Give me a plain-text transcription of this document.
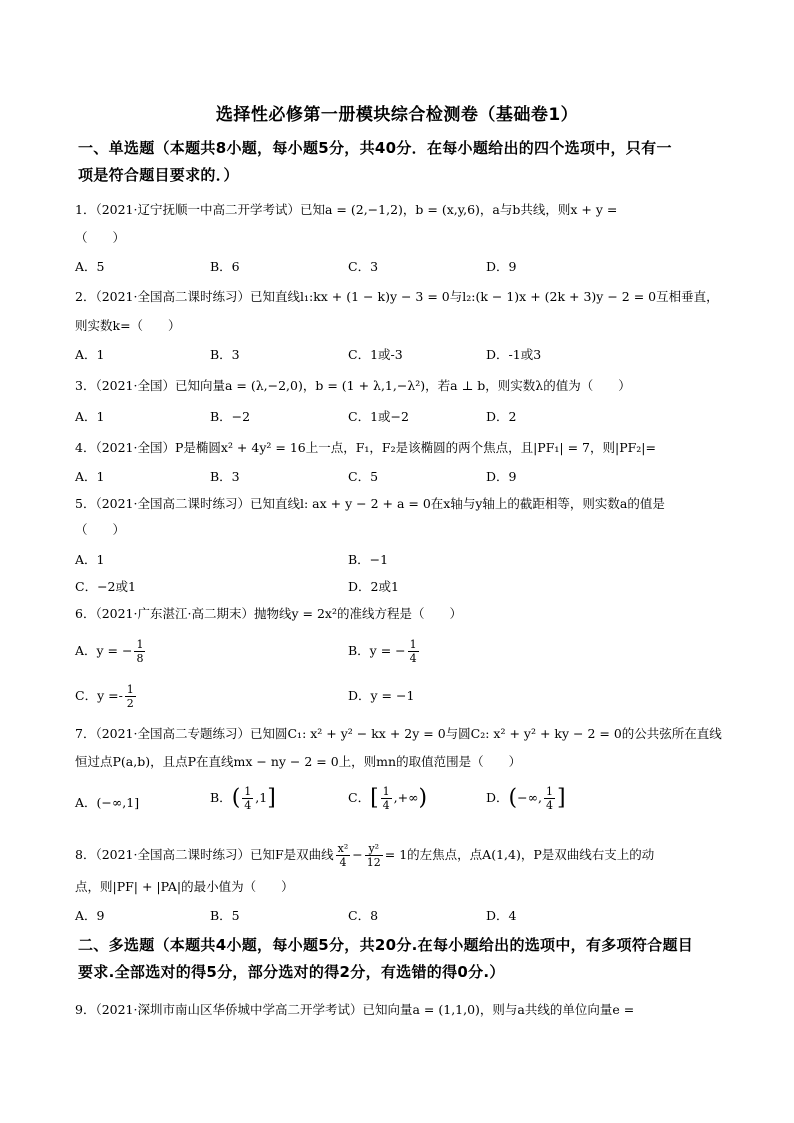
选择性必修第一册模块综合检测卷（基础卷1）
一、单选题（本题共8小题，每小题5分，共40分．在每小题给出的四个选项中，只有一
项是符合题目要求的．）
1．（2021·辽宁抚顺一中高二开学考试）已知a = (2,−1,2)，b = (x,y,6)，a与b共线，则x + y =
（　　）
A．5	B．6	C．3	D．9
2．（2021·全国高二课时练习）已知直线l₁:kx + (1 − k)y − 3 = 0与l₂:(k − 1)x + (2k + 3)y − 2 = 0互相垂直，
则实数k=（　　）
A．1	B．3	C．1或-3	D．-1或3
3．（2021·全国）已知向量a = (λ,−2,0)，b = (1 + λ,1,−λ²)，若a ⊥ b，则实数λ的值为（　　）
A．1	B．−2	C．1或−2	D．2
4．（2021·全国）P是椭圆x² + 4y² = 16上一点，F₁，F₂是该椭圆的两个焦点，且|PF₁| = 7，则|PF₂|=
A．1	B．3	C．5	D．9
5．（2021·全国高二课时练习）已知直线l: ax + y − 2 + a = 0在x轴与y轴上的截距相等，则实数a的值是
（　　）
A．1	B．−1
C．−2或1	D．2或1
6．（2021·广东湛江·高二期末）抛物线y = 2x²的准线方程是（　　）
A．y = − $\frac{1}{8}$	B．y = − $\frac{1}{4}$
C．$y =- \frac{1}{2}$	D．y = −1
7．（2021·全国高二专题练习）已知圆C₁: x² + y² − kx + 2y = 0与圆C₂: x² + y² + ky − 2 = 0的公共弦所在直线
恒过点P(a,b)，且点P在直线mx − ny − 2 = 0上，则mn的取值范围是（　　）
A．(−∞,1]	B．( $\frac{1}{4} ,1$]	C．[ $\frac{1}{4}$ ,+∞)	D．(−∞, $\frac{1}{4}$ ]
8．（2021·全国高二课时练习）已知F是双曲线 $\frac{\text{x²}}{4} - \frac{\text{y²}}{12} = 1$的左焦点，点A(1,4)，P是双曲线右支上的动
点，则|PF| + |PA|的最小值为（　　）
A．9	B．5	C．8	D．4
二、多选题（本题共4小题，每小题5分，共20分.在每小题给出的选项中，有多项符合题目
要求.全部选对的得5分，部分选对的得2分，有选错的得0分.）
9．（2021·深圳市南山区华侨城中学高二开学考试）已知向量a = (1,1,0)，则与a共线的单位向量e =
